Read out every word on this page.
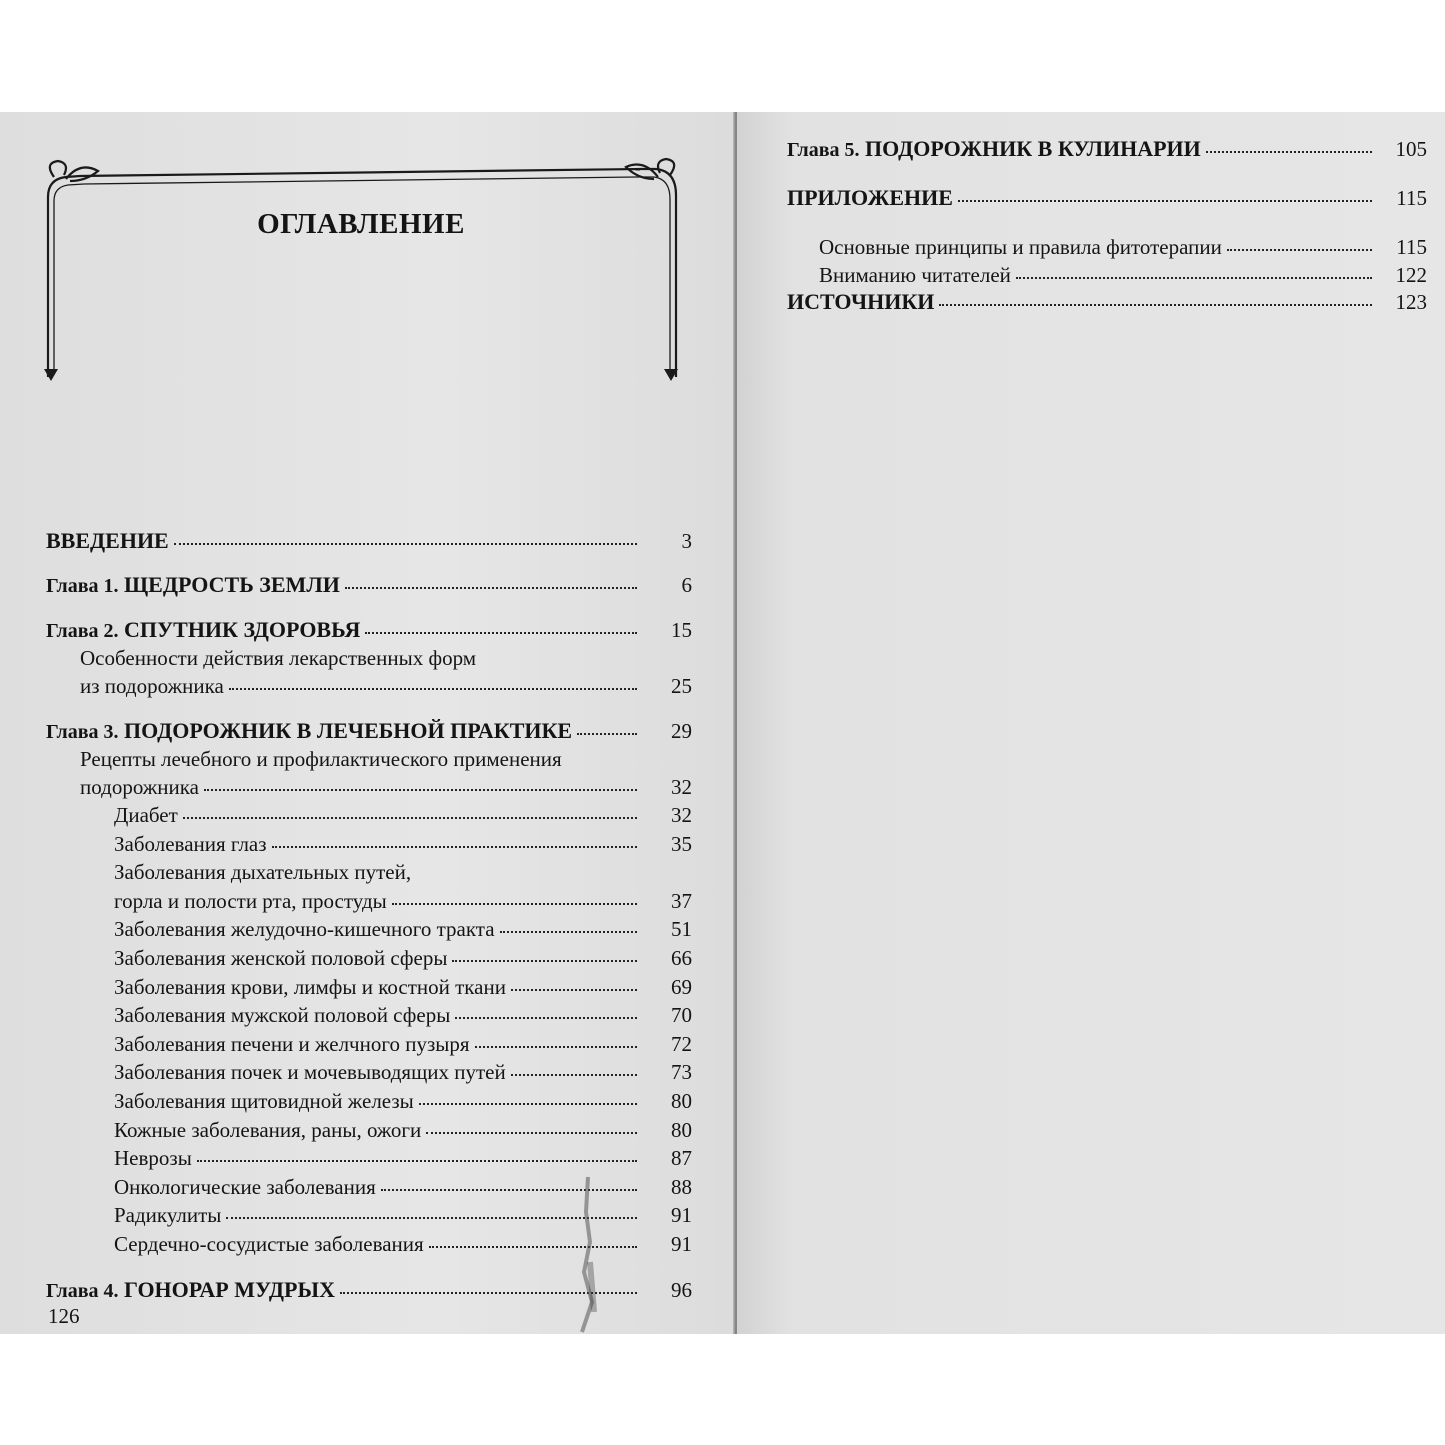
ОГЛАВЛЕНИЕ
ВВЕДЕНИЕ	3
Глава 1. ЩЕДРОСТЬ ЗЕМЛИ	6
Глава 2. СПУТНИК ЗДОРОВЬЯ	15
Особенности действия лекарственных форм
из подорожника	25
Глава 3. ПОДОРОЖНИК В ЛЕЧЕБНОЙ ПРАКТИКЕ	29
Рецепты лечебного и профилактического применения
подорожника	32
Диабет	32
Заболевания глаз	35
Заболевания дыхательных путей,
горла и полости рта, простуды	37
Заболевания желудочно-кишечного тракта	51
Заболевания женской половой сферы	66
Заболевания крови, лимфы и костной ткани	69
Заболевания мужской половой сферы	70
Заболевания печени и желчного пузыря	72
Заболевания почек и мочевыводящих путей	73
Заболевания щитовидной железы	80
Кожные заболевания, раны, ожоги	80
Неврозы	87
Онкологические заболевания	88
Радикулиты	91
Сердечно-сосудистые заболевания	91
Глава 4. ГОНОРАР МУДРЫХ	96
126
Глава 5. ПОДОРОЖНИК В КУЛИНАРИИ	105
ПРИЛОЖЕНИЕ	115
Основные принципы и правила фитотерапии	115
Вниманию читателей	122
ИСТОЧНИКИ	123
